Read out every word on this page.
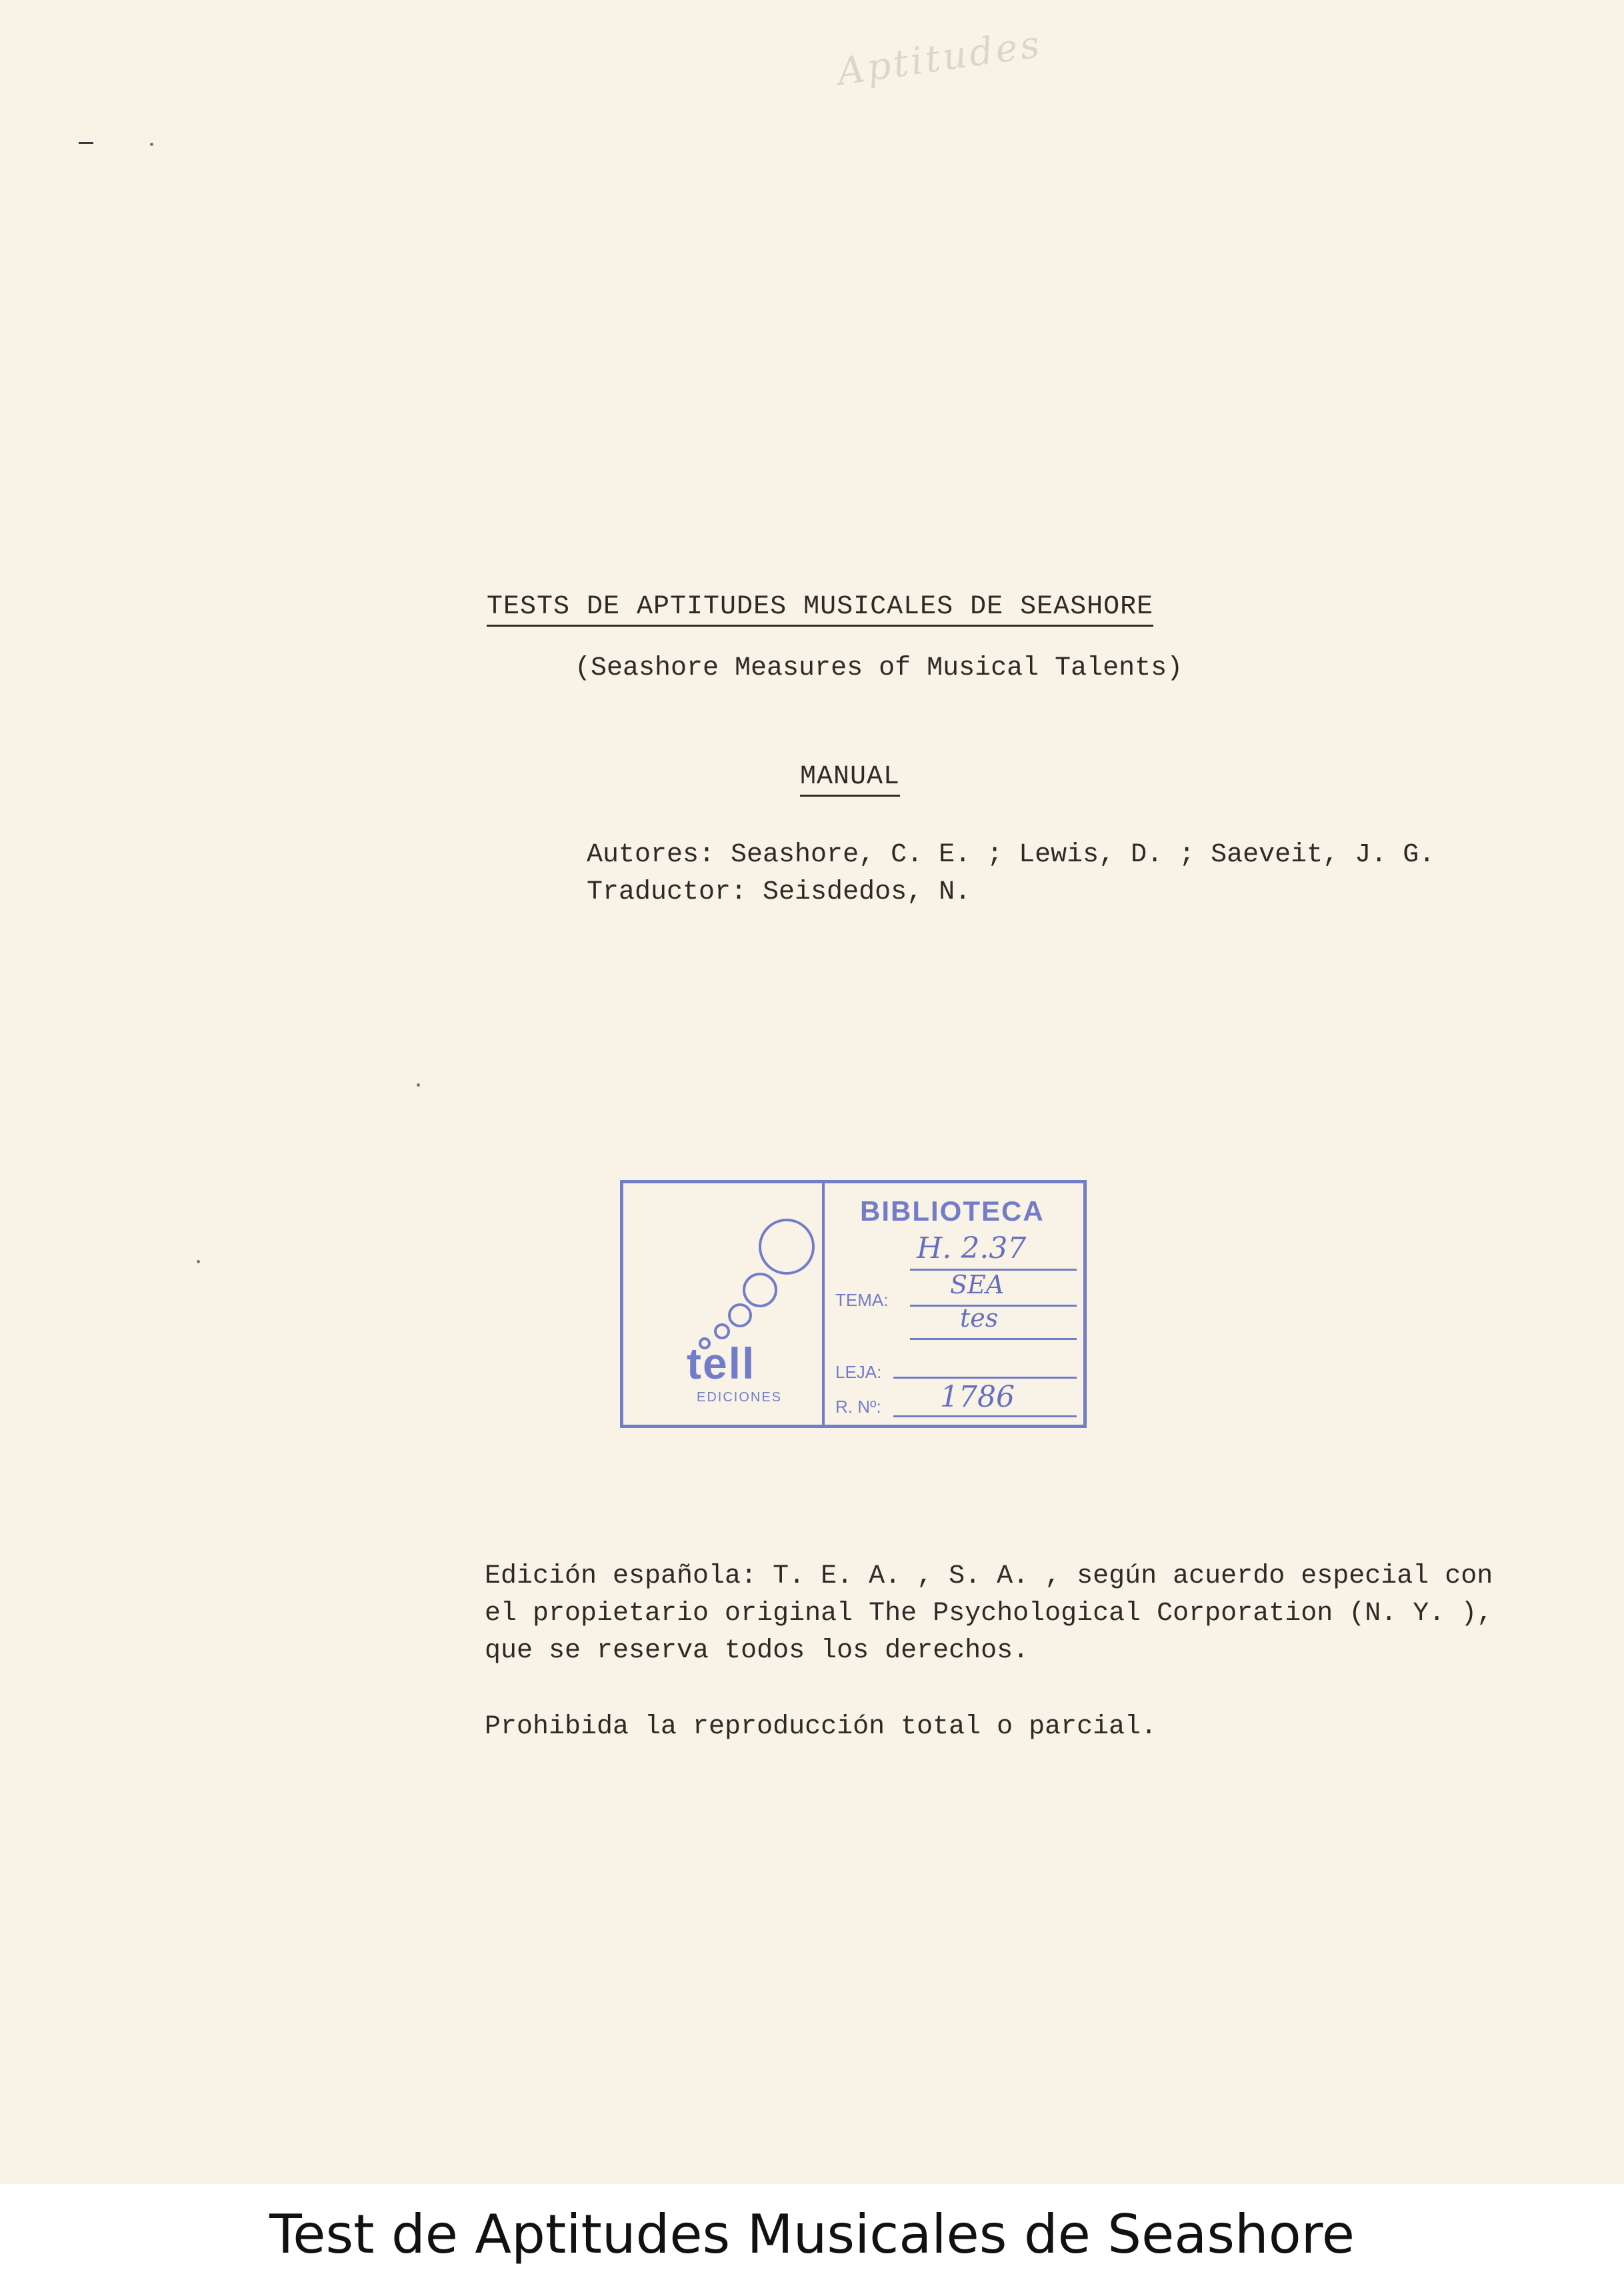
Aptitudes
TESTS DE APTITUDES MUSICALES DE SEASHORE
(Seashore Measures of Musical Talents)
MANUAL
Autores: Seashore, C. E. ; Lewis, D. ; Saeveit, J. G.
Traductor: Seisdedos, N.
tell
EDICIONES
BIBLIOTECA
H. 2.37
TEMA:
SEA
tes
LEJA:
R. Nº: 1786
Edición española: T. E. A. , S. A. , según acuerdo especial con
el propietario original The Psychological Corporation (N. Y. ),
que se reserva todos los derechos.
Prohibida la reproducción total o parcial.
Test de Aptitudes Musicales de Seashore
